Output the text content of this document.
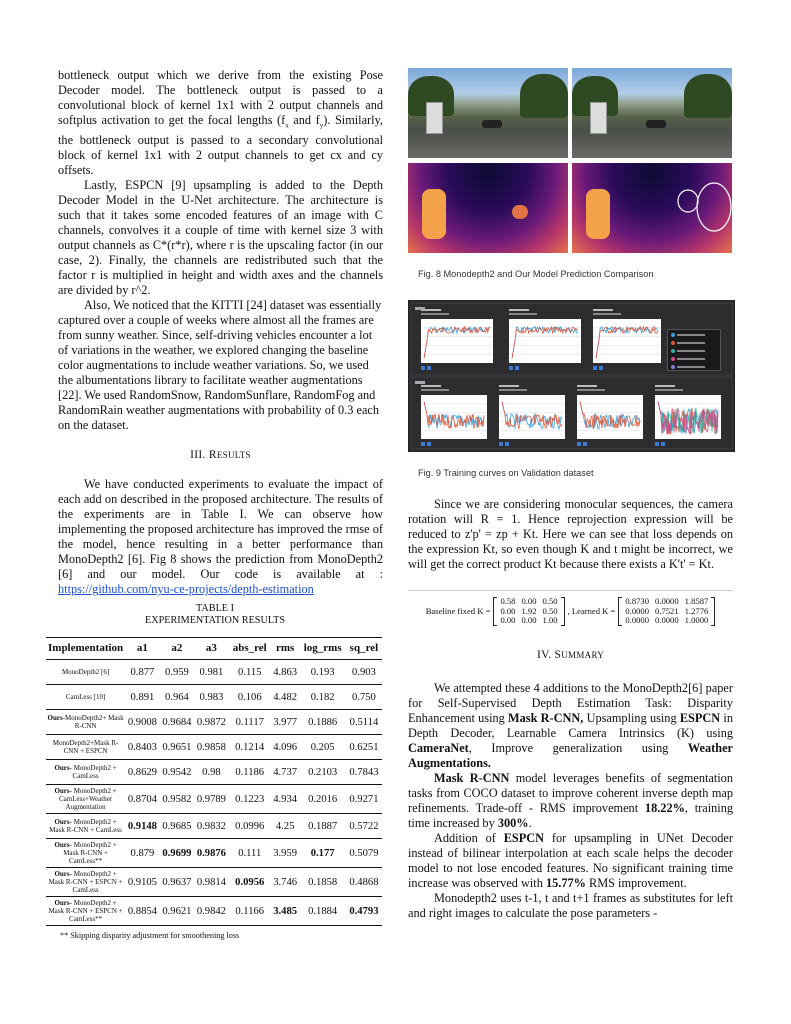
bottleneck output which we derive from the existing Pose Decoder model. The bottleneck output is passed to a convolutional block of kernel 1x1 with 2 output channels and softplus activation to get the focal lengths ($f_x$ and $f_y$). Similarly, the bottleneck output is passed to a secondary convolutional block of kernel 1x1 with 2 output channels to get cx and cy offsets.

Lastly, ESPCN [9] upsampling is added to the Depth Decoder Model in the U-Net architecture. The architecture is such that it takes some encoded features of an image with C channels, convolves it a couple of time with kernel size 3 with output channels as C*(r*r), where r is the upscaling factor (in our case, 2). Finally, the channels are redistributed such that the factor r is multiplied in height and width axes and the channels are divided by r^2.

Also, We noticed that the KITTI [24] dataset was essentially captured over a couple of weeks where almost all the frames are from sunny weather. Since, self-driving vehicles encounter a lot of variations in the weather, we explored changing the baseline color augmentations to include weather variations. So, we used the albumentations library to facilitate weather augmentations [22]. We used RandomSnow, RandomSunflare, RandomFog and RandomRain weather augmentations with probability of 0.3 each on the dataset.

III. RESULTS

We have conducted experiments to evaluate the impact of each add on described in the proposed architecture. The results of the experiments are in Table I. We can observe how implementing the proposed architecture has improved the rmse of the model, hence resulting in a better performance than MonoDepth2 [6]. Fig 8 shows the prediction from MonoDepth2 [6] and our model. Our code is available at : https://github.com/nyu-ce-projects/depth-estimation

TABLE I
EXPERIMENTATION RESULTS
Implementation	a1	a2	a3	abs_rel	rms	log_rms	sq_rel
MonoDepth2 [6]	0.877	0.959	0.981	0.115	4.863	0.193	0.903
CamLess [10]	0.891	0.964	0.983	0.106	4.482	0.182	0.750
Ours-MonoDepth2+ Mask R-CNN	0.9008	0.9684	0.9872	0.1117	3.977	0.1886	0.5114
MonoDepth2+Mask R-CNN + ESPCN	0.8403	0.9651	0.9858	0.1214	4.096	0.205	0.6251
Ours- MonoDepth2 + CamLess	0.8629	0.9542	0.98	0.1186	4.737	0.2103	0.7843
Ours- MonoDepth2 + CamLess+Weather Augmentation	0.8704	0.9582	0.9789	0.1223	4.934	0.2016	0.9271
Ours- MonoDepth2 + Mask R-CNN + CamLess	0.9148	0.9685	0.9832	0.0996	4.25	0.1887	0.5722
Ours- MonoDepth2 + Mask R-CNN + CamLess**	0.879	0.9699	0.9876	0.111	3.959	0.177	0.5079
Ours- MonoDepth2 + Mask R-CNN + ESPCN + CamLess	0.9105	0.9637	0.9814	0.0956	3.746	0.1858	0.4868
Ours- MonoDepth2 + Mask R-CNN + ESPCN + CamLess**	0.8854	0.9621	0.9842	0.1166	3.485	0.1884	0.4793
** Skipping disparity adjustment for smoothening loss
Fig. 8 Monodepth2 and Our Model Prediction Comparison
Fig. 9 Training curves on Validation dataset

Since we are considering monocular sequences, the camera rotation will R = 1. Hence reprojection expression will be reduced to z'p' = zp + Kt. Here we can see that loss depends on the expression Kt, so even though K and t might be incorrect, we will get the correct product Kt because there exists a K't' = Kt.

Baseline fixed K =
0.58	0.00	0.50
0.00	1.92	0.50
0.00	0.00	1.00
, Learned K =
0.8730	0.0000	1.8587
0.0000	0.7521	1.2776
0.0000	0.0000	1.0000
IV. SUMMARY

We attempted these 4 additions to the MonoDepth2[6] paper for Self-Supervised Depth Estimation Task: Disparity Enhancement using Mask R-CNN, Upsampling using ESPCN in Depth Decoder, Learnable Camera Intrinsics (K) using CameraNet, Improve generalization using Weather Augmentations.

Mask R-CNN model leverages benefits of segmentation tasks from COCO dataset to improve coherent inverse depth map refinements. Trade-off - RMS improvement 18.22%, training time increased by 300%.

Addition of ESPCN for upsampling in UNet Decoder instead of bilinear interpolation at each scale helps the decoder model to not lose encoded features. No significant training time increase was observed with 15.77% RMS improvement.

Monodepth2 uses t-1, t and t+1 frames as substitutes for left and right images to calculate the pose parameters -
